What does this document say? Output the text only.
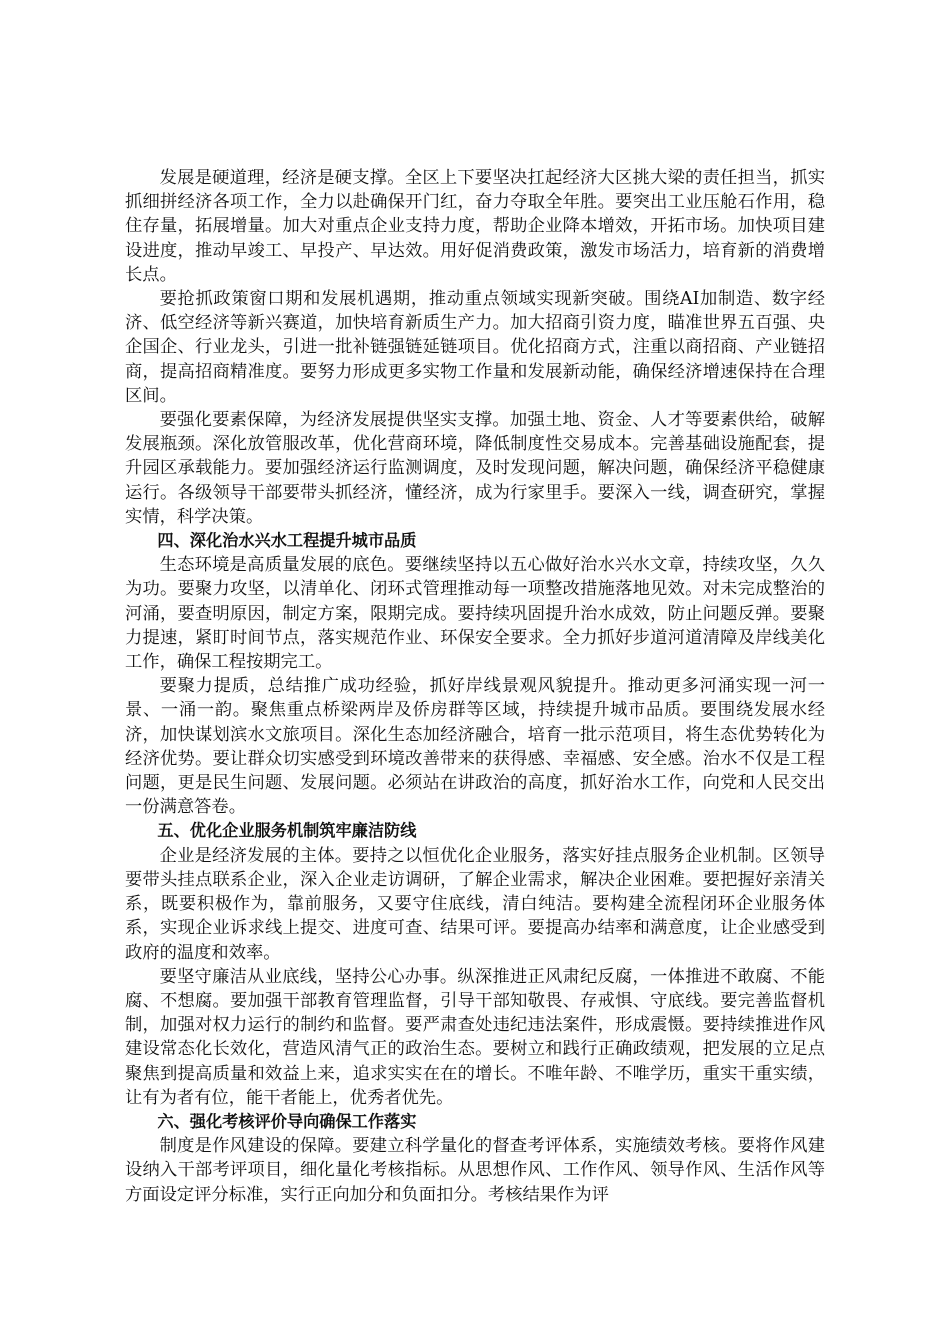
发展是硬道理，经济是硬支撑。全区上下要坚决扛起经济大区挑大梁的责任担当，抓实抓细拼经济各项工作，全力以赴确保开门红，奋力夺取全年胜。要突出工业压舱石作用，稳住存量，拓展增量。加大对重点企业支持力度，帮助企业降本增效，开拓市场。加快项目建设进度，推动早竣工、早投产、早达效。用好促消费政策，激发市场活力，培育新的消费增长点。

要抢抓政策窗口期和发展机遇期，推动重点领域实现新突破。围绕AI加制造、数字经济、低空经济等新兴赛道，加快培育新质生产力。加大招商引资力度，瞄准世界五百强、央企国企、行业龙头，引进一批补链强链延链项目。优化招商方式，注重以商招商、产业链招商，提高招商精准度。要努力形成更多实物工作量和发展新动能，确保经济增速保持在合理区间。

要强化要素保障，为经济发展提供坚实支撑。加强土地、资金、人才等要素供给，破解发展瓶颈。深化放管服改革，优化营商环境，降低制度性交易成本。完善基础设施配套，提升园区承载能力。要加强经济运行监测调度，及时发现问题，解决问题，确保经济平稳健康运行。各级领导干部要带头抓经济，懂经济，成为行家里手。要深入一线，调查研究，掌握实情，科学决策。

四、深化治水兴水工程提升城市品质

生态环境是高质量发展的底色。要继续坚持以五心做好治水兴水文章，持续攻坚，久久为功。要聚力攻坚，以清单化、闭环式管理推动每一项整改措施落地见效。对未完成整治的河涌，要查明原因，制定方案，限期完成。要持续巩固提升治水成效，防止问题反弹。要聚力提速，紧盯时间节点，落实规范作业、环保安全要求。全力抓好步道河道清障及岸线美化工作，确保工程按期完工。

要聚力提质，总结推广成功经验，抓好岸线景观风貌提升。推动更多河涌实现一河一景、一涌一韵。聚焦重点桥梁两岸及侨房群等区域，持续提升城市品质。要围绕发展水经济，加快谋划滨水文旅项目。深化生态加经济融合，培育一批示范项目，将生态优势转化为经济优势。要让群众切实感受到环境改善带来的获得感、幸福感、安全感。治水不仅是工程问题，更是民生问题、发展问题。必须站在讲政治的高度，抓好治水工作，向党和人民交出一份满意答卷。

五、优化企业服务机制筑牢廉洁防线

企业是经济发展的主体。要持之以恒优化企业服务，落实好挂点服务企业机制。区领导要带头挂点联系企业，深入企业走访调研，了解企业需求，解决企业困难。要把握好亲清关系，既要积极作为，靠前服务，又要守住底线，清白纯洁。要构建全流程闭环企业服务体系，实现企业诉求线上提交、进度可查、结果可评。要提高办结率和满意度，让企业感受到政府的温度和效率。

要坚守廉洁从业底线，坚持公心办事。纵深推进正风肃纪反腐，一体推进不敢腐、不能腐、不想腐。要加强干部教育管理监督，引导干部知敬畏、存戒惧、守底线。要完善监督机制，加强对权力运行的制约和监督。要严肃查处违纪违法案件，形成震慑。要持续推进作风建设常态化长效化，营造风清气正的政治生态。要树立和践行正确政绩观，把发展的立足点聚焦到提高质量和效益上来，追求实实在在的增长。不唯年龄、不唯学历，重实干重实绩，让有为者有位，能干者能上，优秀者优先。

六、强化考核评价导向确保工作落实

制度是作风建设的保障。要建立科学量化的督查考评体系，实施绩效考核。要将作风建设纳入干部考评项目，细化量化考核指标。从思想作风、工作作风、领导作风、生活作风等方面设定评分标准，实行正向加分和负面扣分。考核结果作为评
